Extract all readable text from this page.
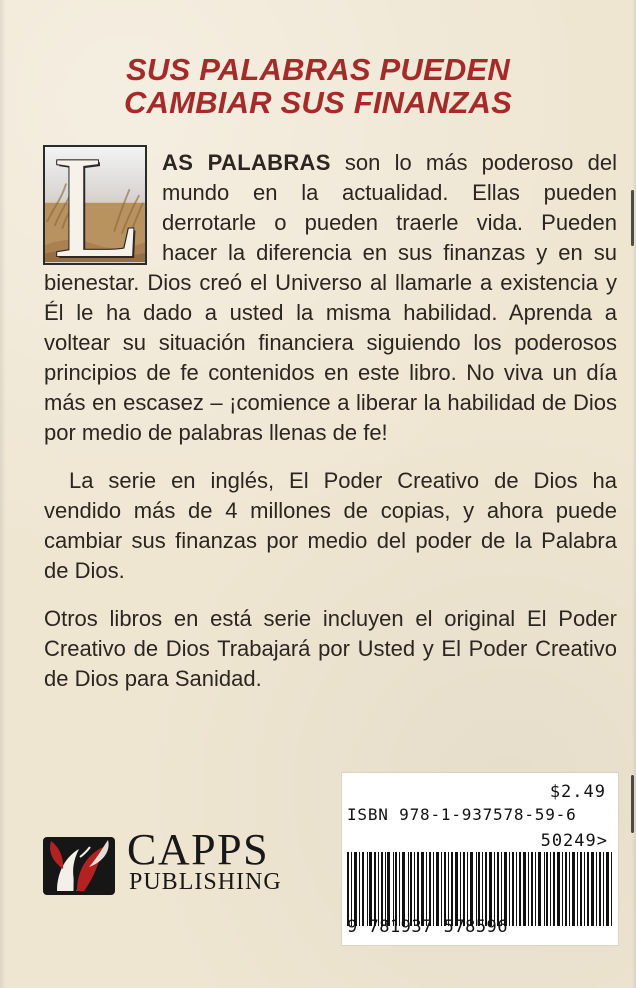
SUS PALABRAS PUEDEN
CAMBIAR SUS FINANZAS
L AS PALABRAS son lo más poderoso del mundo en la actualidad. Ellas pueden derrotarle o pueden traerle vida. Pueden hacer la diferencia en sus finanzas y en su bienestar. Dios creó el Universo al llamarle a existencia y Él le ha dado a usted la misma habilidad. Aprenda a voltear su situación financiera siguiendo los poderosos principios de fe contenidos en este libro. No viva un día más en escasez – ¡comience a liberar la habilidad de Dios por medio de palabras llenas de fe!

La serie en inglés, El Poder Creativo de Dios ha vendido más de 4 millones de copias, y ahora puede cambiar sus finanzas por medio del poder de la Palabra de Dios.

Otros libros en está serie incluyen el original El Poder Creativo de Dios Trabajará por Usted y El Poder Creativo de Dios para Sanidad.

CAPPS
PUBLISHING
$2.49
ISBN 978-1-937578-59-6
50249>
9 781937 578596
